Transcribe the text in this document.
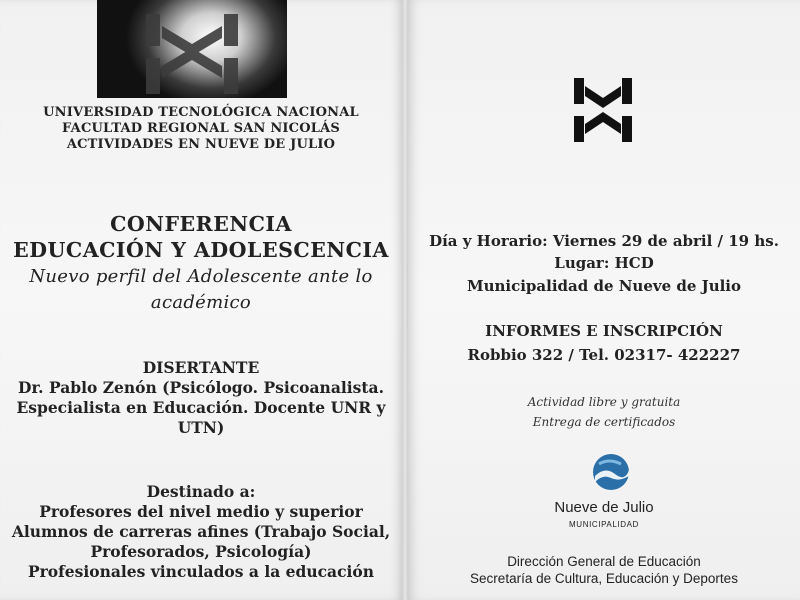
UNIVERSIDAD TECNOLÓGICA NACIONAL
FACULTAD REGIONAL SAN NICOLÁS
ACTIVIDADES EN NUEVE DE JULIO
CONFERENCIA
EDUCACIÓN Y ADOLESCENCIA
Nuevo perfil del Adolescente ante lo
académico
DISERTANTE
Dr. Pablo Zenón (Psicólogo. Psicoanalista.
Especialista en Educación. Docente UNR y
UTN)
Destinado a:
Profesores del nivel medio y superior
Alumnos de carreras afines (Trabajo Social,
Profesorados, Psicología)
Profesionales vinculados a la educación
Día y Horario: Viernes 29 de abril / 19 hs.
Lugar: HCD
Municipalidad de Nueve de Julio
INFORMES E INSCRIPCIÓN
Robbio 322 / Tel. 02317- 422227
Actividad libre y gratuita
Entrega de certificados
Nueve de Julio
MUNICIPALIDAD
Dirección General de Educación
Secretaría de Cultura, Educación y Deportes
